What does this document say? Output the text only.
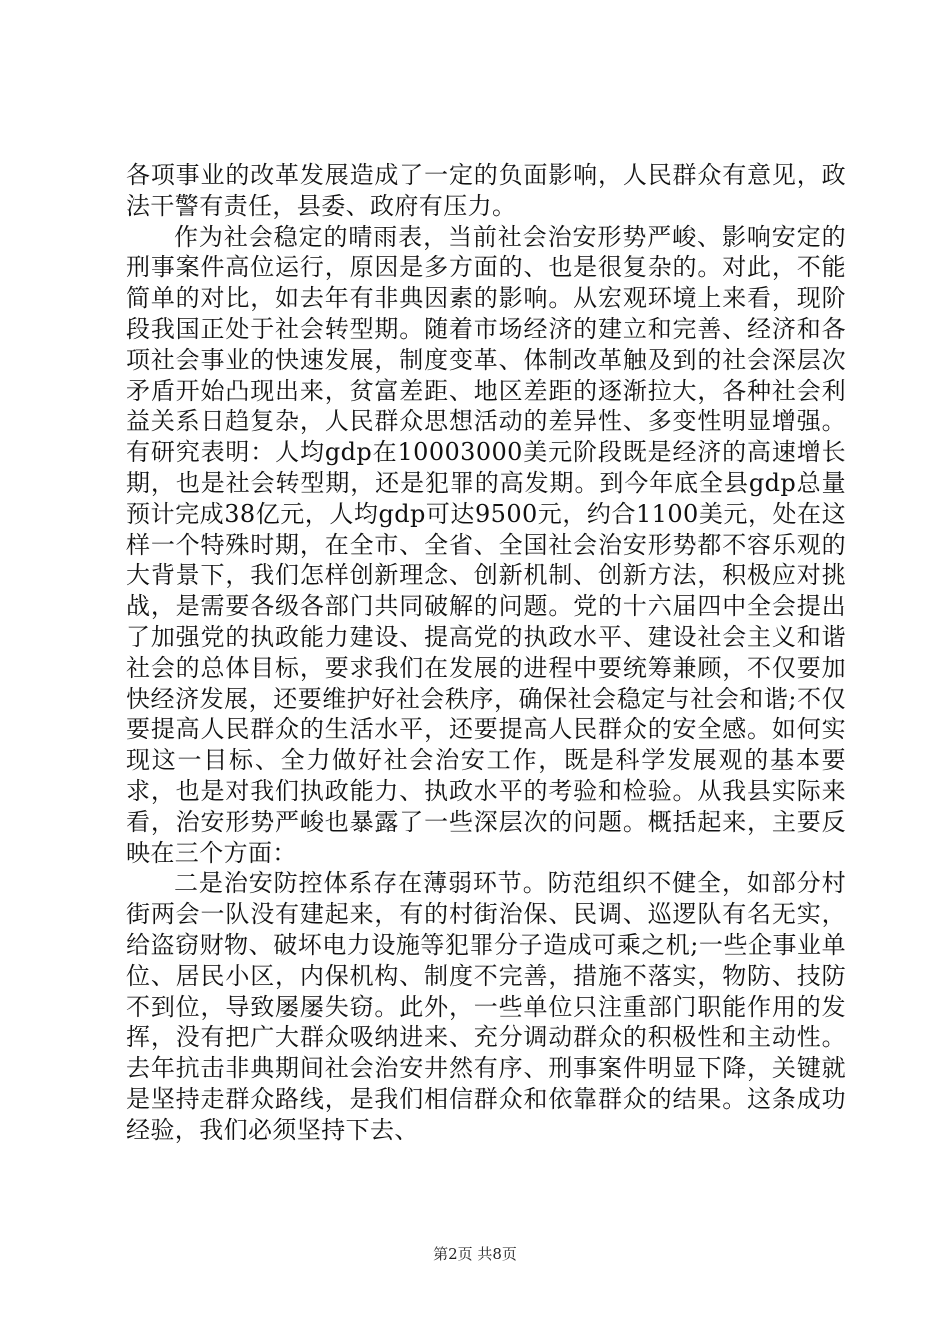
各项事业的改革发展造成了一定的负面影响，人民群众有意见，政法干警有责任，县委、政府有压力。

作为社会稳定的晴雨表，当前社会治安形势严峻、影响安定的刑事案件高位运行，原因是多方面的、也是很复杂的。对此，不能简单的对比，如去年有非典因素的影响。从宏观环境上来看，现阶段我国正处于社会转型期。随着市场经济的建立和完善、经济和各项社会事业的快速发展，制度变革、体制改革触及到的社会深层次矛盾开始凸现出来，贫富差距、地区差距的逐渐拉大，各种社会利益关系日趋复杂，人民群众思想活动的差异性、多变性明显增强。有研究表明：人均gdp在10003000美元阶段既是经济的高速增长期，也是社会转型期，还是犯罪的高发期。到今年底全县gdp总量预计完成38亿元，人均gdp可达9500元，约合1100美元，处在这样一个特殊时期，在全市、全省、全国社会治安形势都不容乐观的大背景下，我们怎样创新理念、创新机制、创新方法，积极应对挑战，是需要各级各部门共同破解的问题。党的十六届四中全会提出了加强党的执政能力建设、提高党的执政水平、建设社会主义和谐社会的总体目标，要求我们在发展的进程中要统筹兼顾，不仅要加快经济发展，还要维护好社会秩序，确保社会稳定与社会和谐;不仅要提高人民群众的生活水平，还要提高人民群众的安全感。如何实现这一目标、全力做好社会治安工作，既是科学发展观的基本要求，也是对我们执政能力、执政水平的考验和检验。从我县实际来看，治安形势严峻也暴露了一些深层次的问题。概括起来，主要反映在三个方面：

二是治安防控体系存在薄弱环节。防范组织不健全，如部分村街两会一队没有建起来，有的村街治保、民调、巡逻队有名无实，给盗窃财物、破坏电力设施等犯罪分子造成可乘之机;一些企事业单位、居民小区，内保机构、制度不完善，措施不落实，物防、技防不到位，导致屡屡失窃。此外，一些单位只注重部门职能作用的发挥，没有把广大群众吸纳进来、充分调动群众的积极性和主动性。去年抗击非典期间社会治安井然有序、刑事案件明显下降，关键就是坚持走群众路线，是我们相信群众和依靠群众的结果。这条成功经验，我们必须坚持下去、

第2页 共8页
